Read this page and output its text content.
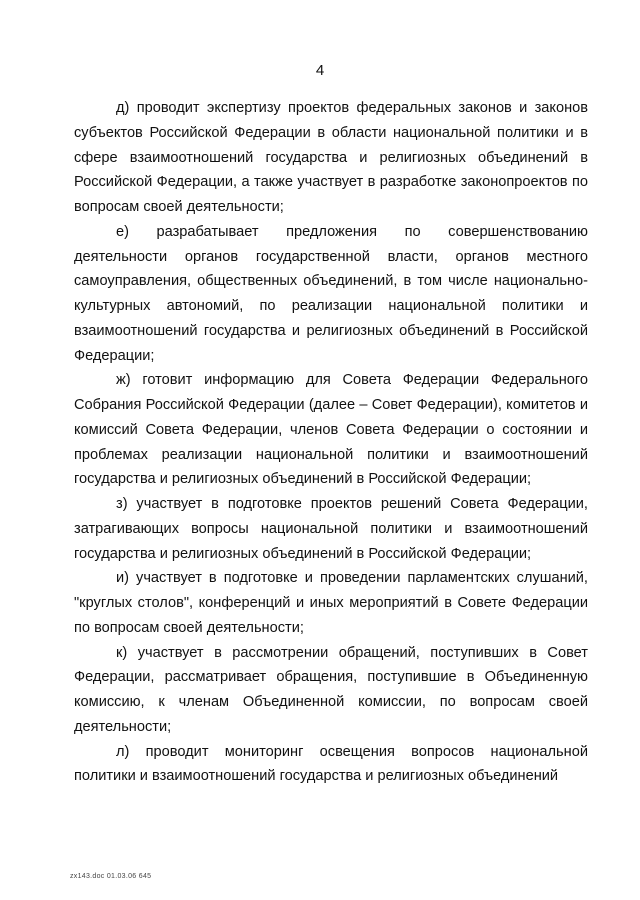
4

д) проводит экспертизу проектов федеральных законов и законов субъектов Российской Федерации в области национальной политики и в сфере взаимоотношений государства и религиозных объединений в Российской Федерации, а также участвует в разработке законопроектов по вопросам своей деятельности;

е) разрабатывает предложения по совершенствованию деятельности органов государственной власти, органов местного самоуправления, общественных объединений, в том числе национально-культурных автономий, по реализации национальной политики и взаимоотношений государства и религиозных объединений в Российской Федерации;

ж) готовит информацию для Совета Федерации Федерального Собрания Российской Федерации (далее – Совет Федерации), комитетов и комиссий Совета Федерации, членов Совета Федерации о состоянии и проблемах реализации национальной политики и взаимоотношений государства и религиозных объединений в Российской Федерации;

з) участвует в подготовке проектов решений Совета Федерации, затрагивающих вопросы национальной политики и взаимоотношений государства и религиозных объединений в Российской Федерации;

и) участвует в подготовке и проведении парламентских слушаний, "круглых столов", конференций и иных мероприятий в Совете Федерации по вопросам своей деятельности;

к) участвует в рассмотрении обращений, поступивших в Совет Федерации, рассматривает обращения, поступившие в Объединенную комиссию, к членам Объединенной комиссии, по вопросам своей деятельности;

л) проводит мониторинг освещения вопросов национальной политики и взаимоотношений государства и религиозных объединений

zx143.doc 01.03.06 645
